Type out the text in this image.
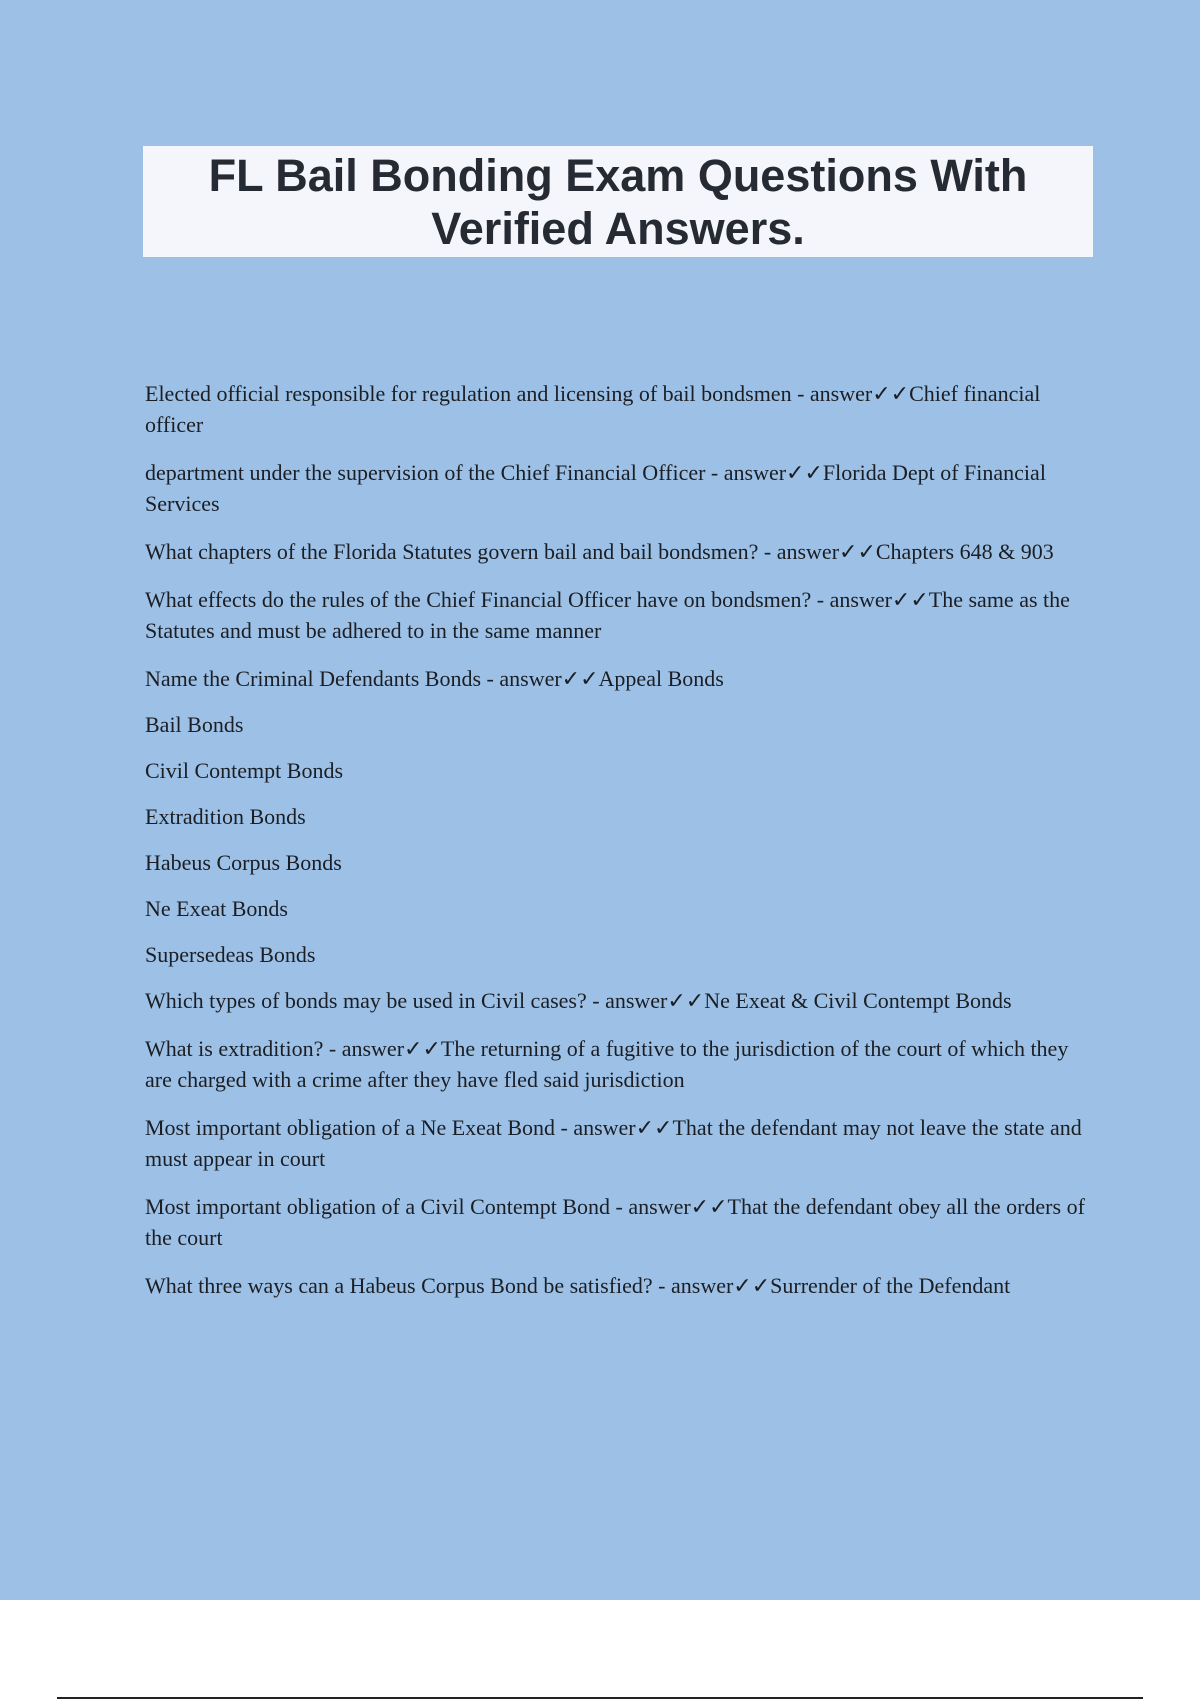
FL Bail Bonding Exam Questions With Verified Answers.

Elected official responsible for regulation and licensing of bail bondsmen - answer✓✓Chief financial officer

department under the supervision of the Chief Financial Officer - answer✓✓Florida Dept of Financial Services

What chapters of the Florida Statutes govern bail and bail bondsmen? - answer✓✓Chapters 648 & 903

What effects do the rules of the Chief Financial Officer have on bondsmen? - answer✓✓The same as the Statutes and must be adhered to in the same manner

Name the Criminal Defendants Bonds - answer✓✓Appeal Bonds

Bail Bonds

Civil Contempt Bonds

Extradition Bonds

Habeus Corpus Bonds

Ne Exeat Bonds

Supersedeas Bonds

Which types of bonds may be used in Civil cases? - answer✓✓Ne Exeat & Civil Contempt Bonds

What is extradition? - answer✓✓The returning of a fugitive to the jurisdiction of the court of which they are charged with a crime after they have fled said jurisdiction

Most important obligation of a Ne Exeat Bond - answer✓✓That the defendant may not leave the state and must appear in court

Most important obligation of a Civil Contempt Bond - answer✓✓That the defendant obey all the orders of the court

What three ways can a Habeus Corpus Bond be satisfied? - answer✓✓Surrender of the Defendant
